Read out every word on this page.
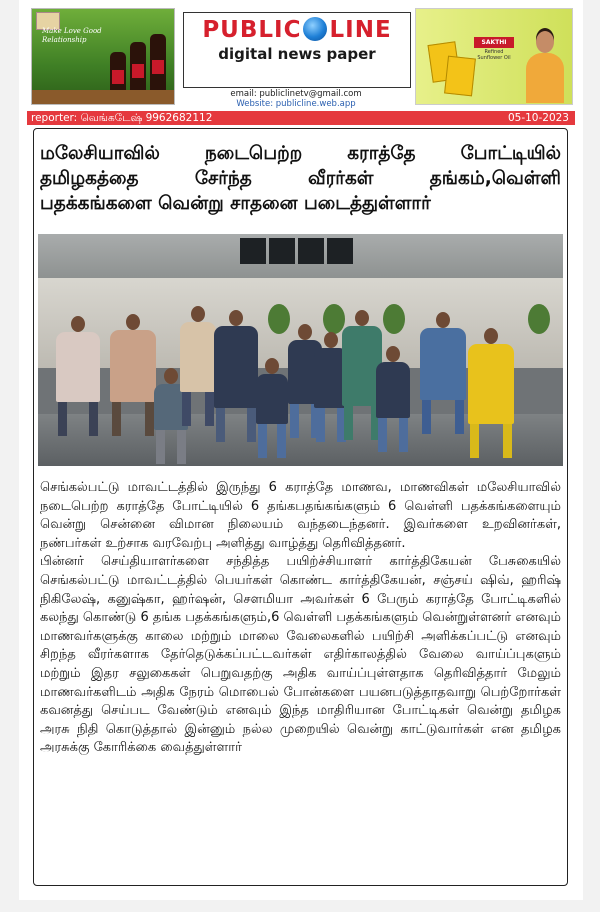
Make Love Good Relationship	PUBLIC LINE
digital news paper
email: publiclinetv@gmail.com
Website: publicline.web.app
SAKTHI
Refined Sunflower Oil
reporter: வெங்கடேஷ் 9962682112	05-10-2023
மலேசியாவில் நடைபெற்ற கராத்தே போட்டியில்
தமிழகத்தை சேர்ந்த வீரர்கள் தங்கம்,வெள்ளி
பதக்கங்களை வென்று சாதனை படைத்துள்ளார்

செங்கல்பட்டு மாவட்டத்தில் இருந்து 6 கராத்தே மாணவ, மாணவிகள் மலேசியாவில் நடைபெற்ற கராத்தே போட்டியில் 6 தங்கபதங்கங்களும் 6 வெள்ளி பதக்கங்களையும் வென்று சென்னை விமான நிலையம் வந்தடைந்தனர். இவர்களை உறவினர்கள், நண்பர்கள் உற்சாக வரவேற்பு அளித்து வாழ்த்து தெரிவித்தனர்.

பின்னர் செய்தியாளர்களை சந்தித்த பயிற்ச்சியாளர் கார்த்திகேயன் பேசுகையில் செங்கல்பட்டு மாவட்டத்தில் பெயர்கள் கொண்ட கார்த்திகேயன், சஞ்சய் ஷிவ், ஹரிஷ் நிகிலேஷ், கனுஷ்கா, ஹர்ஷன், சௌமியா அவர்கள் 6 பேரும் கராத்தே போட்டிகளில் கலந்து கொண்டு 6 தங்க பதக்கங்களும்,6 வெள்ளி பதக்கங்களும் வென்றுள்ளனர் எனவும் மாணவர்களுக்கு காலை மற்றும் மாலை வேலைகளில் பயிற்சி அளிக்கப்பட்டு எனவும் சிறந்த வீரர்களாக தேர்தெடுக்கப்பட்டவர்கள் எதிர்காலத்தில் வேலை வாய்ப்புகளும் மற்றும் இதர சலுகைகள் பெறுவதற்கு அதிக வாய்ப்புள்ளதாக தெரிவித்தார் மேலும் மாணவர்களிடம் அதிக நேரம் மொபைல் போன்களை பயனபடுத்தாதவாறு பெற்றோர்கள் கவனத்து செய்பட வேண்டும் எனவும் இந்த மாதிரியான போட்டிகள் வென்று தமிழக அரசு நிதி கொடுத்தால் இன்னும் நல்ல முறையில் வென்று காட்டுவார்கள் என தமிழக அரசுக்கு கோரிக்கை வைத்துள்ளார்
